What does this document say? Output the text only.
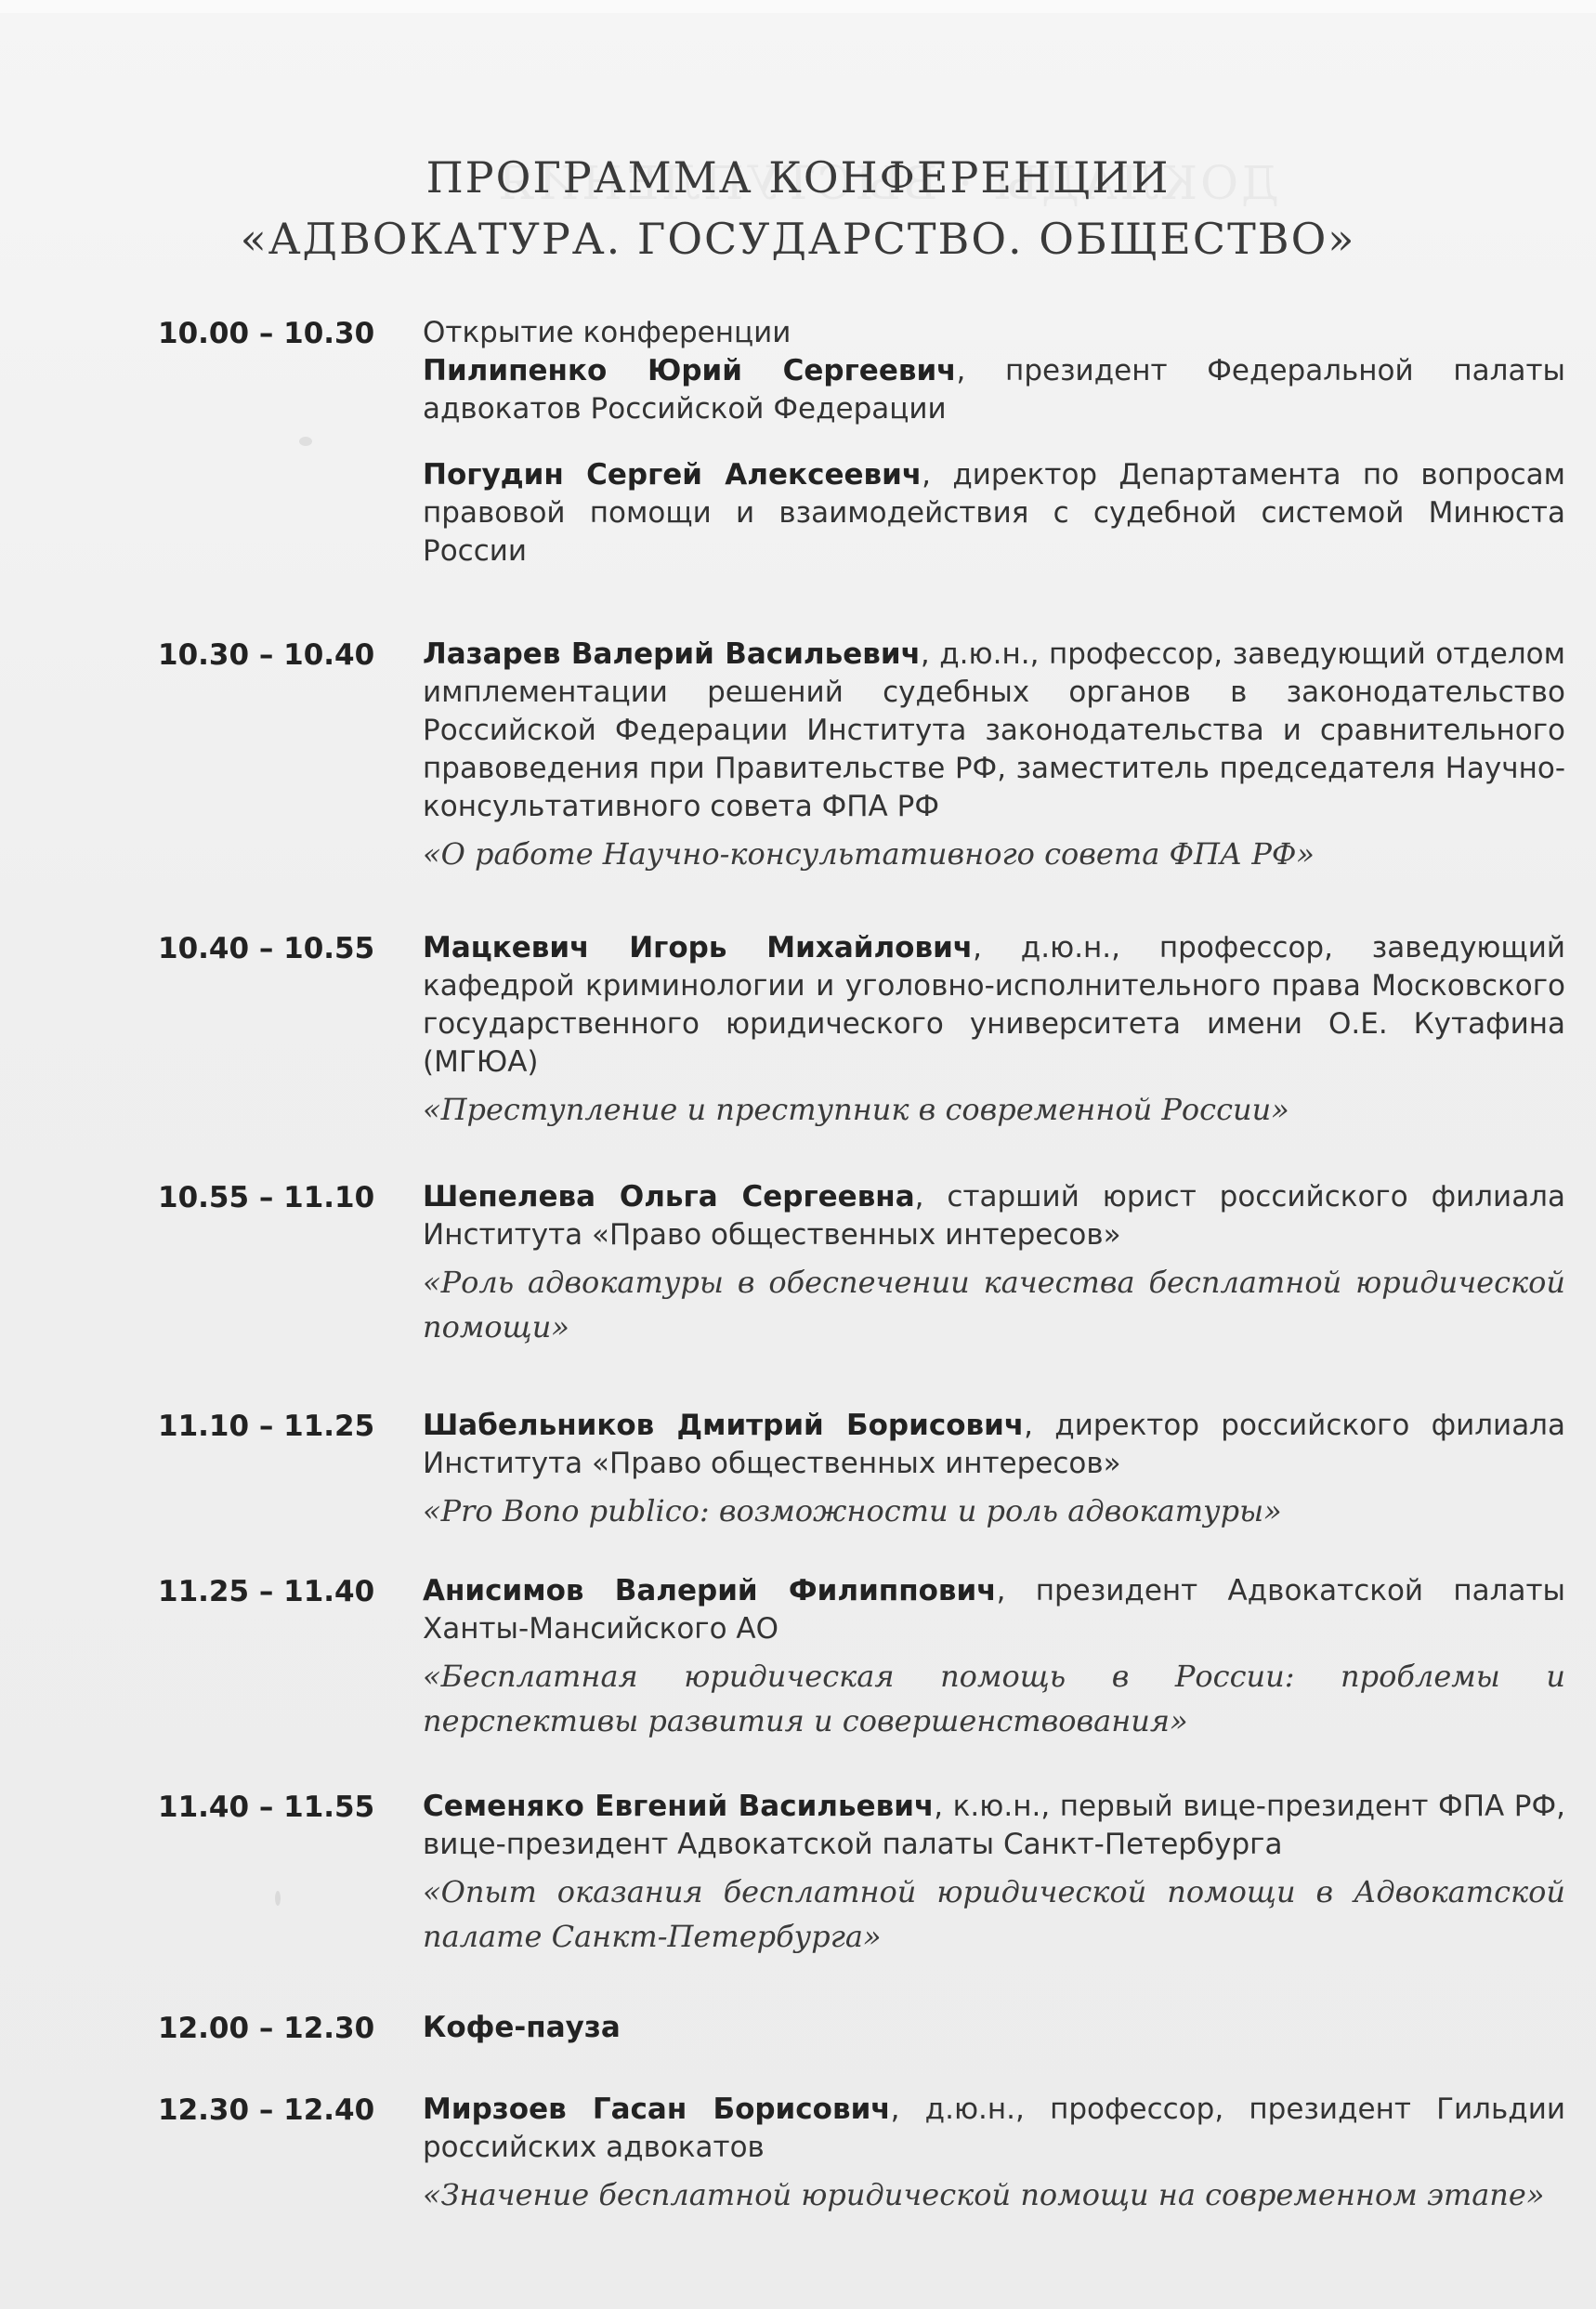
ПРОГРАММА КОНФЕРЕНЦИИ
«АДВОКАТУРА. ГОСУДАРСТВО. ОБЩЕСТВО»
10.00 – 10.30	Открытие конференции

Пилипенко Юрий Сергеевич, президент Федеральной палаты адвокатов Российской Федерации

Погудин Сергей Алексеевич, директор Департамента по вопросам правовой помощи и взаимодействия с судебной системой Минюста России

10.30 – 10.40	Лазарев Валерий Васильевич, д.ю.н., профессор, заведующий отделом имплементации решений судебных органов в законодательство Российской Федерации Института законодательства и сравнительного правоведения при Правительстве РФ, заместитель председателя Научно-консультативного совета ФПА РФ

«О работе Научно-консультативного совета ФПА РФ»

10.40 – 10.55	Мацкевич Игорь Михайлович, д.ю.н., профессор, заведующий кафедрой криминологии и уголовно-исполнительного права Московского государственного юридического университета имени О.Е. Кутафина (МГЮА)

«Преступление и преступник в современной России»

10.55 – 11.10	Шепелева Ольга Сергеевна, старший юрист российского филиала Института «Право общественных интересов»

«Роль адвокатуры в обеспечении качества бесплатной юридической помощи»

11.10 – 11.25	Шабельников Дмитрий Борисович, директор российского филиала Института «Право общественных интересов»

«Pro Bono publico: возможности и роль адвокатуры»

11.25 – 11.40	Анисимов Валерий Филиппович, президент Адвокатской палаты Ханты-Мансийского АО

«Бесплатная юридическая помощь в России: проблемы и перспективы развития и совершенствования»

11.40 – 11.55	Семеняко Евгений Васильевич, к.ю.н., первый вице-президент ФПА РФ, вице-президент Адвокатской палаты Санкт-Петербурга

«Опыт оказания бесплатной юридической помощи в Адвокатской палате Санкт-Петербурга»

12.00 – 12.30	Кофе-пауза

12.30 – 12.40	Мирзоев Гасан Борисович, д.ю.н., профессор, президент Гильдии российских адвокатов

«Значение бесплатной юридической помощи на современном этапе»
